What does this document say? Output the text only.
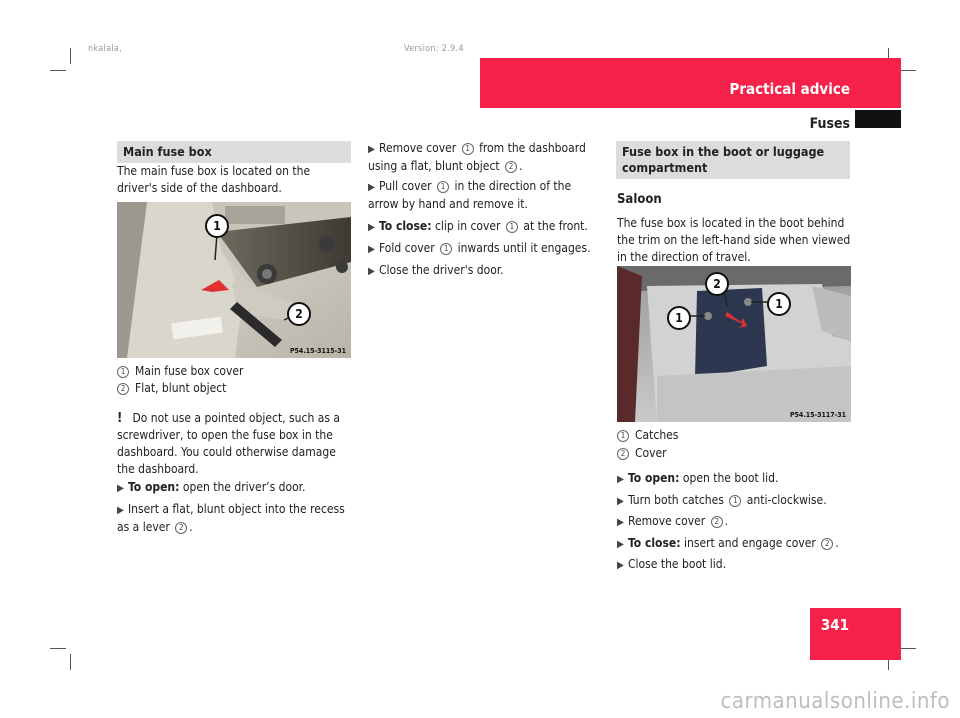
nkalala,	Version: 2.9.4
Practical advice
Fuses
341
Main fuse box
The main fuse box is located on the driver's side of the dashboard.
1
2
P54.15-3115-31
1 Main fuse box cover
2 Flat, blunt object
! Do not use a pointed object, such as a screwdriver, to open the fuse box in the dashboard. You could otherwise damage the dashboard.
▶ To open: open the driver’s door.
▶ Insert a flat, blunt object into the recess as a lever 2 .
▶ Remove cover 1 from the dashboard using a flat, blunt object 2 .
▶ Pull cover 1 in the direction of the arrow by hand and remove it.
▶ To close: clip in cover 1 at the front.
▶ Fold cover 1 inwards until it engages.
▶ Close the driver's door.
Fuse box in the boot or luggage compartment
Saloon
The fuse box is located in the boot behind the trim on the left-hand side when viewed in the direction of travel.
1
2
1
P54.15-3117-31
1 Catches
2 Cover
▶ To open: open the boot lid.
▶ Turn both catches 1 anti-clockwise.
▶ Remove cover 2 .
▶ To close: insert and engage cover 2 .
▶ Close the boot lid.
carmanualsonline.info
